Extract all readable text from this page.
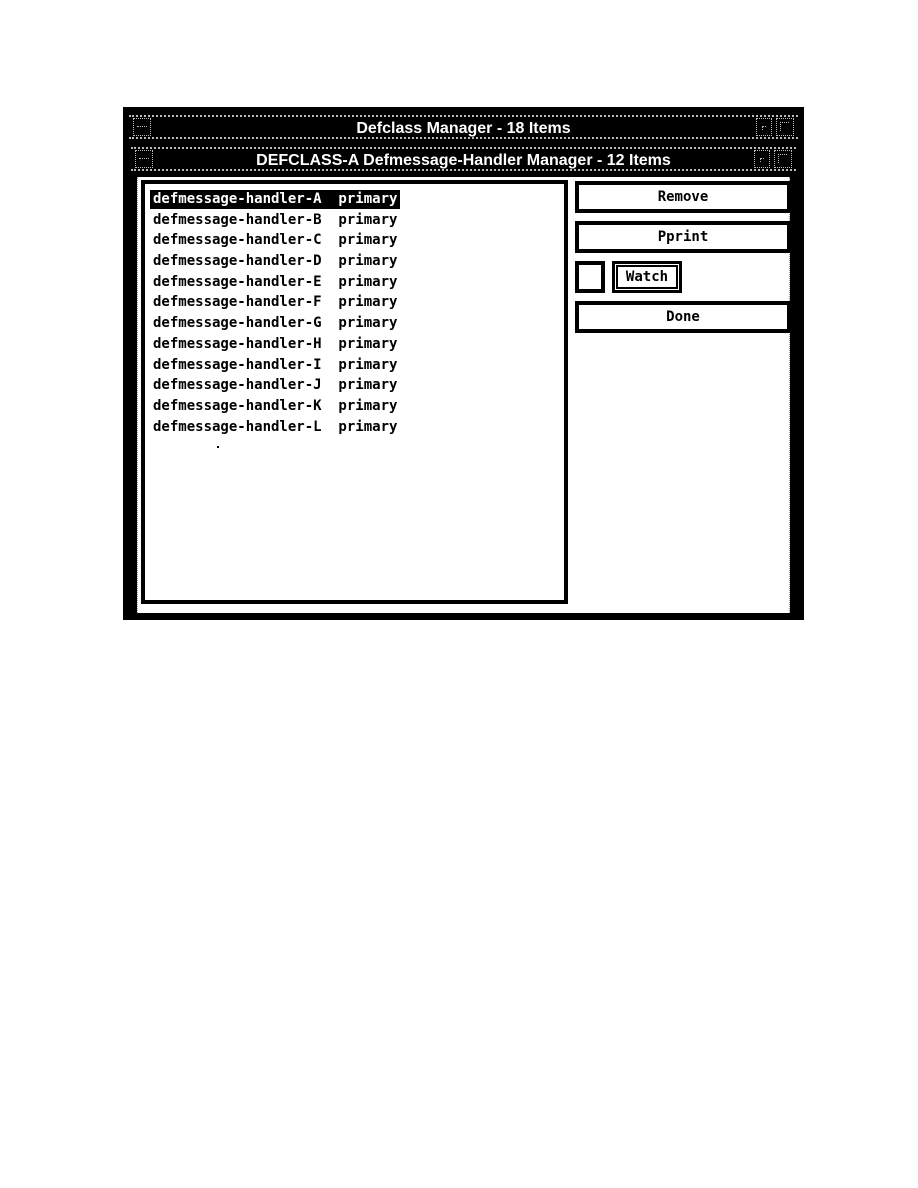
Defclass Manager - 18 Items
DEFCLASS-A Defmessage-Handler Manager - 12 Items
defmessage-handler-A  primary
defmessage-handler-B  primary
defmessage-handler-C  primary
defmessage-handler-D  primary
defmessage-handler-E  primary
defmessage-handler-F  primary
defmessage-handler-G  primary
defmessage-handler-H  primary
defmessage-handler-I  primary
defmessage-handler-J  primary
defmessage-handler-K  primary
defmessage-handler-L  primary
Remove
Pprint
Watch
Done
